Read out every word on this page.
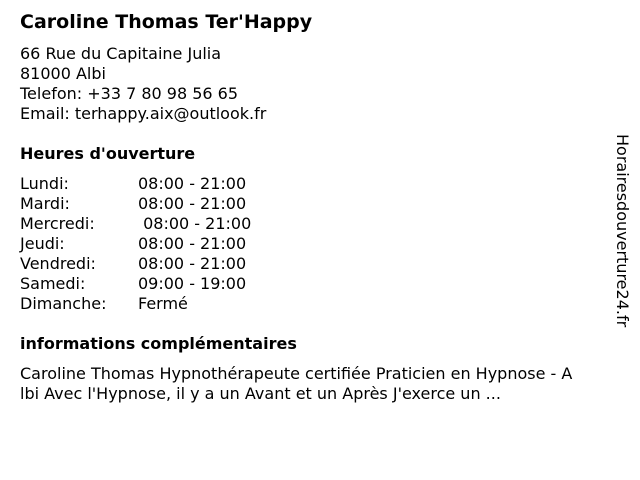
Caroline Thomas Ter'Happy
66 Rue du Capitaine Julia
81000 Albi
Telefon: +33 7 80 98 56 65
Email: terhappy.aix@outlook.fr
Heures d'ouverture
Lundi:	08:00 - 21:00
Mardi:	08:00 - 21:00
Mercredi:	08:00 - 21:00
Jeudi:	08:00 - 21:00
Vendredi:	08:00 - 21:00
Samedi:	09:00 - 19:00
Dimanche:	Fermé
informations complémentaires
Caroline Thomas Hypnothérapeute certifiée Praticien en Hypnose - A
lbi Avec l'Hypnose, il y a un Avant et un Après J'exerce un ...
Horairesdouverture24.fr
